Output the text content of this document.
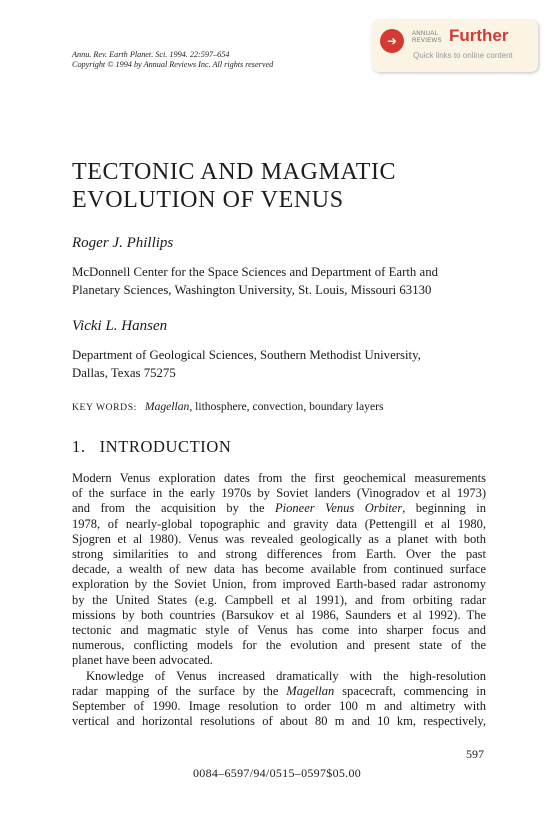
Annu. Rev. Earth Planet. Sci. 1994. 22:597–654
Copyright © 1994 by Annual Reviews Inc. All rights reserved
➜	ANNUAL
REVIEWS Further
Quick links to online content
TECTONIC AND MAGMATIC
EVOLUTION OF VENUS
Roger J. Phillips
McDonnell Center for the Space Sciences and Department of Earth and
Planetary Sciences, Washington University, St. Louis, Missouri 63130
Vicki L. Hansen
Department of Geological Sciences, Southern Methodist University,
Dallas, Texas 75275
KEY WORDS: Magellan, lithosphere, convection, boundary layers
1. INTRODUCTION
Modern Venus exploration dates from the first geochemical measurements
of the surface in the early 1970s by Soviet landers (Vinogradov et al 1973)
and from the acquisition by the Pioneer Venus Orbiter, beginning in
1978, of nearly-global topographic and gravity data (Pettengill et al 1980,
Sjogren et al 1980). Venus was revealed geologically as a planet with both
strong similarities to and strong differences from Earth. Over the past
decade, a wealth of new data has become available from continued surface
exploration by the Soviet Union, from improved Earth-based radar astronomy
by the United States (e.g. Campbell et al 1991), and from orbiting radar
missions by both countries (Barsukov et al 1986, Saunders et al 1992). The
tectonic and magmatic style of Venus has come into sharper focus and
numerous, conflicting models for the evolution and present state of the
planet have been advocated.
Knowledge of Venus increased dramatically with the high-resolution
radar mapping of the surface by the Magellan spacecraft, commencing in
September of 1990. Image resolution to order 100 m and altimetry with
vertical and horizontal resolutions of about 80 m and 10 km, respectively,
597
0084–6597/94/0515–0597$05.00
